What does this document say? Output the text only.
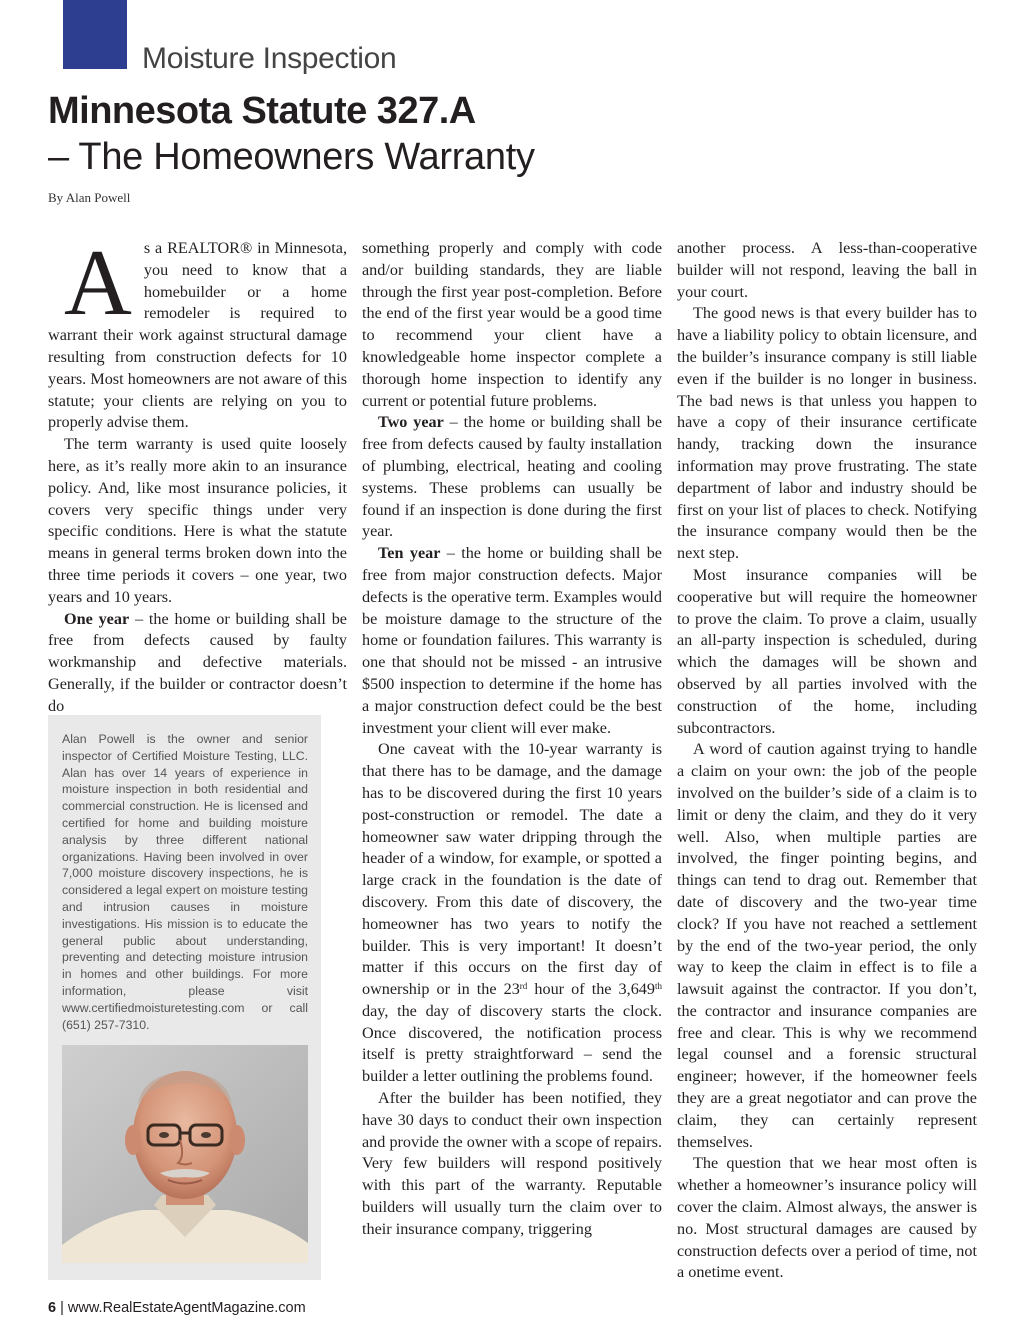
Moisture Inspection
Minnesota Statute 327.A
– The Homeowners Warranty
By Alan Powell

As a REALTOR® in Minnesota, you need to know that a homebuilder or a home remodeler is required to warrant their work against structural damage resulting from construction defects for 10 years. Most homeowners are not aware of this statute; your clients are relying on you to properly advise them.

The term warranty is used quite loosely here, as it’s really more akin to an insurance policy. And, like most insurance policies, it covers very specific things under very specific conditions. Here is what the statute means in general terms broken down into the three time periods it covers – one year, two years and 10 years.

One year – the home or building shall be free from defects caused by faulty workmanship and defective materials. Generally, if the builder or contractor doesn’t do

Alan Powell is the owner and senior inspector of Certified Moisture Testing, LLC. Alan has over 14 years of experience in moisture inspection in both residential and commercial construction. He is licensed and certified for home and building moisture analysis by three different national organizations. Having been involved in over 7,000 moisture discovery inspections, he is considered a legal expert on moisture testing and intrusion causes in moisture investigations. His mission is to educate the general public about understanding, preventing and detecting moisture intrusion in homes and other buildings. For more information, please visit www.certifiedmoisturetesting.com or call (651) 257-7310.

something properly and comply with code and/or building standards, they are liable through the first year post-completion. Before the end of the first year would be a good time to recommend your client have a knowledgeable home inspector complete a thorough home inspection to identify any current or potential future problems.

Two year – the home or building shall be free from defects caused by faulty installation of plumbing, electrical, heating and cooling systems. These problems can usually be found if an inspection is done during the first year.

Ten year – the home or building shall be free from major construction defects. Major defects is the operative term. Examples would be moisture damage to the structure of the home or foundation failures. This warranty is one that should not be missed - an intrusive $500 inspection to determine if the home has a major construction defect could be the best investment your client will ever make.

One caveat with the 10-year warranty is that there has to be damage, and the damage has to be discovered during the first 10 years post-construction or remodel. The date a homeowner saw water dripping through the header of a window, for example, or spotted a large crack in the foundation is the date of discovery. From this date of discovery, the homeowner has two years to notify the builder. This is very important! It doesn’t matter if this occurs on the first day of ownership or in the 23rd hour of the 3,649th day, the day of discovery starts the clock. Once discovered, the notification process itself is pretty straightforward – send the builder a letter outlining the problems found.

After the builder has been notified, they have 30 days to conduct their own inspection and provide the owner with a scope of repairs. Very few builders will respond positively with this part of the warranty. Reputable builders will usually turn the claim over to their insurance company, triggering

another process. A less-than-cooperative builder will not respond, leaving the ball in your court.

The good news is that every builder has to have a liability policy to obtain licensure, and the builder’s insurance company is still liable even if the builder is no longer in business. The bad news is that unless you happen to have a copy of their insurance certificate handy, tracking down the insurance information may prove frustrating. The state department of labor and industry should be first on your list of places to check. Notifying the insurance company would then be the next step.

Most insurance companies will be cooperative but will require the homeowner to prove the claim. To prove a claim, usually an all-party inspection is scheduled, during which the damages will be shown and observed by all parties involved with the construction of the home, including subcontractors.

A word of caution against trying to handle a claim on your own: the job of the people involved on the builder’s side of a claim is to limit or deny the claim, and they do it very well. Also, when multiple parties are involved, the finger pointing begins, and things can tend to drag out. Remember that date of discovery and the two-year time clock? If you have not reached a settlement by the end of the two-year period, the only way to keep the claim in effect is to file a lawsuit against the contractor. If you don’t, the contractor and insurance companies are free and clear. This is why we recommend legal counsel and a forensic structural engineer; however, if the homeowner feels they are a great negotiator and can prove the claim, they can certainly represent themselves.

The question that we hear most often is whether a homeowner’s insurance policy will cover the claim. Almost always, the answer is no. Most structural damages are caused by construction defects over a period of time, not a onetime event.

6 | www.RealEstateAgentMagazine.com
